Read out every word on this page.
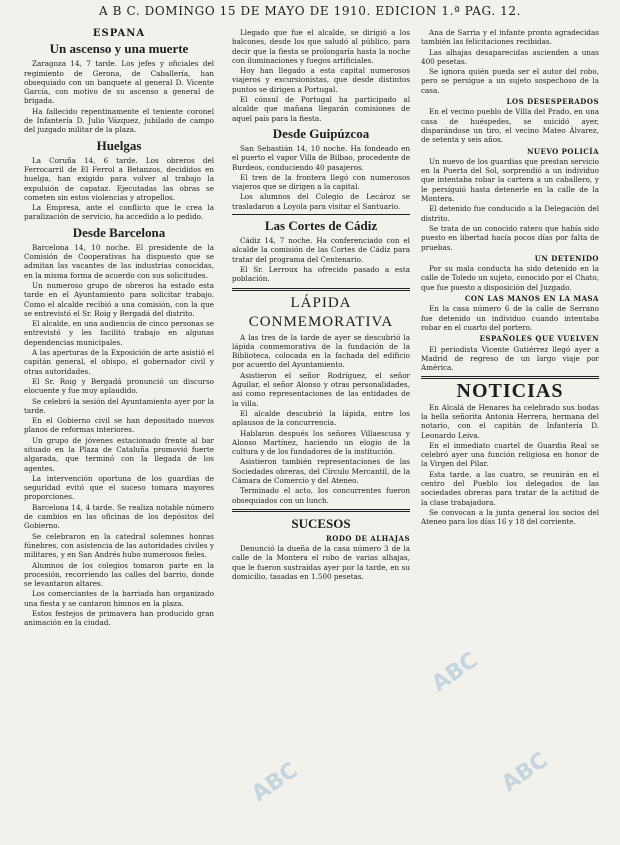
A B C. DOMINGO 15 DE MAYO DE 1910. EDICION 1.ª PAG. 12.
ESPAÑA
Un ascenso y una muerte

Zaragoza 14, 7 tarde. Los jefes y oficiales del regimiento de Gerona, de Caballería, han obsequiado con un banquete al general D. Vicente García, con motivo de su ascenso a general de brigada.

Ha fallecido repentinamente el teniente coronel de Infantería D. Julio Vázquez, jubilado de campo del juzgado militar de la plaza.

Huelgas

La Coruña 14, 6 tarde. Los obreros del Ferrocarril de El Ferrol a Betanzos, decididos en huelga, han exigido para volver al trabajo la expulsión de capataz. Ejecutadas las obras se cometen sin estos violencias y atropellos.

La Empresa, ante el conflicto que le crea la paralización de servicio, ha accedido a lo pedido.

Desde Barcelona

Barcelona 14, 10 noche. El presidente de la Comisión de Cooperativas ha dispuesto que se admitan las vacantes de las industrias conocidas, en la misma forma de acuerdo con sus solicitudes.

Un numeroso grupo de obreros ha estado esta tarde en el Ayuntamiento para solicitar trabajo. Como el alcalde recibió a una comisión, con la que se entrevistó el Sr. Roig y Bergadá del distrito.

El alcalde, en una audiencia de cinco personas se entrevistó y les facilitó trabajo en algunas dependencias municipales.

A las aperturas de la Exposición de arte asistió el capitán general, el obispo, el gobernador civil y otras autoridades.

El Sr. Roig y Bergadá pronunció un discurso elocuente y fue muy aplaudido.

Se celebró la sesión del Ayuntamiento ayer por la tarde.

En el Gobierno civil se han depositado nuevos planos de reformas interiores.

Un grupo de jóvenes estacionado frente al bar situado en la Plaza de Cataluña promovió fuerte algarada, que terminó con la llegada de los agentes.

La intervención oportuna de los guardias de seguridad evitó que el suceso tomara mayores proporciones.

Barcelona 14, 4 tarde. Se realiza notable número de cambios en las oficinas de los depósitos del Gobierno.

Se celebraron en la catedral solemnes honras fúnebres, con asistencia de las autoridades civiles y militares, y en San Andrés hubo numerosos fieles.

Alumnos de los colegios tomaron parte en la procesión, recorriendo las calles del barrio, donde se levantaron altares.

Los comerciantes de la barriada han organizado una fiesta y se cantaron himnos en la plaza.

Estos festejos de primavera han producido gran animación en la ciudad.

Llegado que fue el alcalde, se dirigió a los balcones, desde los que saludó al público, para decir que la fiesta se prolongaría hasta la noche con iluminaciones y fuegos artificiales.

Hoy han llegado a esta capital numerosos viajeros y excursionistas, que desde distintos puntos se dirigen a Portugal.

El cónsul de Portugal ha participado al alcalde que mañana llegarán comisiones de aquel país para la fiesta.

Desde Guipúzcoa

San Sebastián 14, 10 noche. Ha fondeado en el puerto el vapor Villa de Bilbao, procedente de Burdeos, conduciendo 40 pasajeros.

El tren de la frontera llegó con numerosos viajeros que se dirigen a la capital.

Los alumnos del Colegio de Lecároz se trasladaron a Loyola para visitar el Santuario.

Las Cortes de Cádiz

Cádiz 14, 7 noche. Ha conferenciado con el alcalde la comisión de las Cortes de Cádiz para tratar del programa del Centenario.

El Sr. Lerroux ha ofrecido pasado a esta población.

LÁPIDA
CONMEMORATIVA

A las tres de la tarde de ayer se descubrió la lápida conmemorativa de la fundación de la Biblioteca, colocada en la fachada del edificio por acuerdo del Ayuntamiento.

Asistieron el señor Rodríguez, el señor Aguilar, el señor Alonso y otras personalidades, así como representaciones de las entidades de la villa.

El alcalde descubrió la lápida, entre los aplausos de la concurrencia.

Hablaron después los señores Villaescusa y Alonso Martínez, haciendo un elogio de la cultura y de los fundadores de la institución.

Asistieron también representaciones de las Sociedades obreras, del Círculo Mercantil, de la Cámara de Comercio y del Ateneo.

Terminado el acto, los concurrentes fueron obsequiados con un lunch.

SUCESOS
RODO DE ALHAJAS

Denunció la dueña de la casa número 3 de la calle de la Montera el robo de varias alhajas, que le fueron sustraídas ayer por la tarde, en su domicilio, tasadas en 1.500 pesetas.

Ana de Sarria y el infante pronto agradecidas también las felicitaciones recibidas.

Las alhajas desaparecidas ascienden a unas 400 pesetas.

Se ignora quién pueda ser el autor del robo, pero se persigue a un sujeto sospechoso de la casa.

LOS DESESPERADOS

En el vecino pueblo de Villa del Prado, en una casa de huéspedes, se suicidó ayer, disparándose un tiro, el vecino Mateo Álvarez, de setenta y seis años.

NUEVO POLICÍA

Un nuevo de los guardias que prestan servicio en la Puerta del Sol, sorprendió a un individuo que intentaba robar la cartera a un caballero, y le persiguió hasta detenerle en la calle de la Montera.

El detenido fue conducido a la Delegación del distrito.

Se trata de un conocido ratero que había sido puesto en libertad hacía pocos días por falta de pruebas.

UN DETENIDO

Por su mala conducta ha sido detenido en la calle de Toledo un sujeto, conocido por el Chato, que fue puesto a disposición del Juzgado.

CON LAS MANOS EN LA MASA

En la casa número 6 de la calle de Serrano fue detenido un individuo cuando intentaba robar en el cuarto del portero.

ESPAÑOLES QUE VUELVEN

El periodista Vicente Gutiérrez llegó ayer a Madrid de regreso de un largo viaje por América.

NOTICIAS

En Alcalá de Henares ha celebrado sus bodas la bella señorita Antonia Herrera, hermana del notario, con el capitán de Infantería D. Leonardo Leiva.

En el inmediato cuartel de Guardia Real se celebró ayer una función religiosa en honor de la Virgen del Pilar.

Esta tarde, a las cuatro, se reunirán en el centro del Pueblo los delegados de las sociedades obreras para tratar de la actitud de la clase trabajadora.

Se convocan a la junta general los socios del Ateneo para los días 16 y 18 del corriente.

ABC
ABC
ABC
